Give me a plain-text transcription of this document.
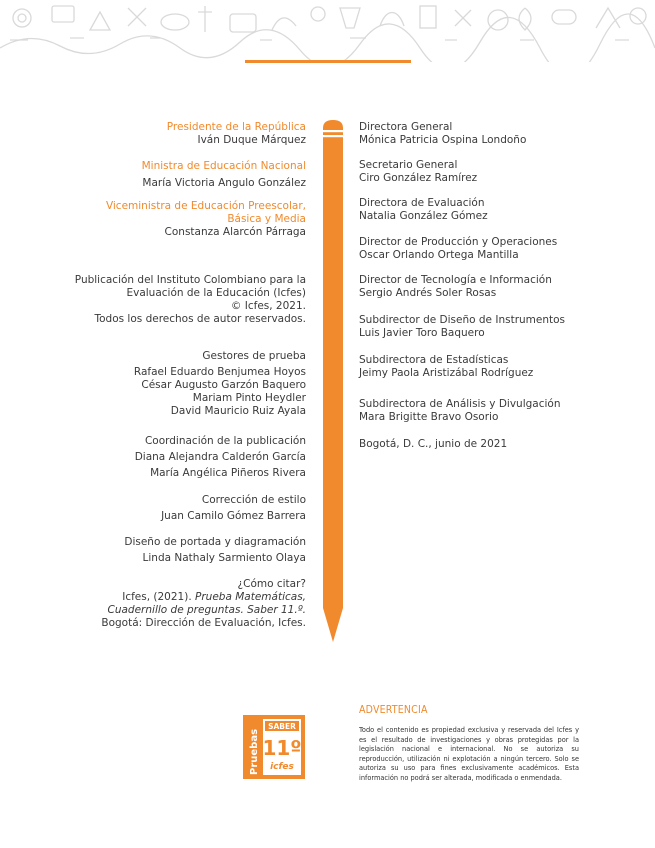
Presidente de la República
Iván Duque Márquez
Ministra de Educación Nacional
María Victoria Angulo González
Viceministra de Educación Preescolar,
Básica y Media
Constanza Alarcón Párraga
Publicación del Instituto Colombiano para la
Evaluación de la Educación (Icfes)
© Icfes, 2021.
Todos los derechos de autor reservados.
Gestores de prueba
Rafael Eduardo Benjumea Hoyos
César Augusto Garzón Baquero
Mariam Pinto Heydler
David Mauricio Ruiz Ayala
Coordinación de la publicación
Diana Alejandra Calderón García
María Angélica Piñeros Rivera
Corrección de estilo
Juan Camilo Gómez Barrera
Diseño de portada y diagramación
Linda Nathaly Sarmiento Olaya
¿Cómo citar?
Icfes, (2021). Prueba Matemáticas,
Cuadernillo de preguntas. Saber 11.º.
Bogotá: Dirección de Evaluación, Icfes.
Directora General
Mónica Patricia Ospina Londoño
Secretario General
Ciro González Ramírez
Directora de Evaluación
Natalia González Gómez
Director de Producción y Operaciones
Oscar Orlando Ortega Mantilla
Director de Tecnología e Información
Sergio Andrés Soler Rosas
Subdirector de Diseño de Instrumentos
Luis Javier Toro Baquero
Subdirectora de Estadísticas
Jeimy Paola Aristizábal Rodríguez
Subdirectora de Análisis y Divulgación
Mara Brigitte Bravo Osorio
Bogotá, D. C., junio de 2021
Pruebas
SABER
11º
icfes
ADVERTENCIA
Todo el contenido es propiedad exclusiva y reservada del Icfes y es el resultado de investigaciones y obras protegidas por la legislación nacional e internacional. No se autoriza su reproducción, utilización ni explotación a ningún tercero. Solo se autoriza su uso para fines exclusivamente académicos. Esta información no podrá ser alterada, modificada o enmendada.
